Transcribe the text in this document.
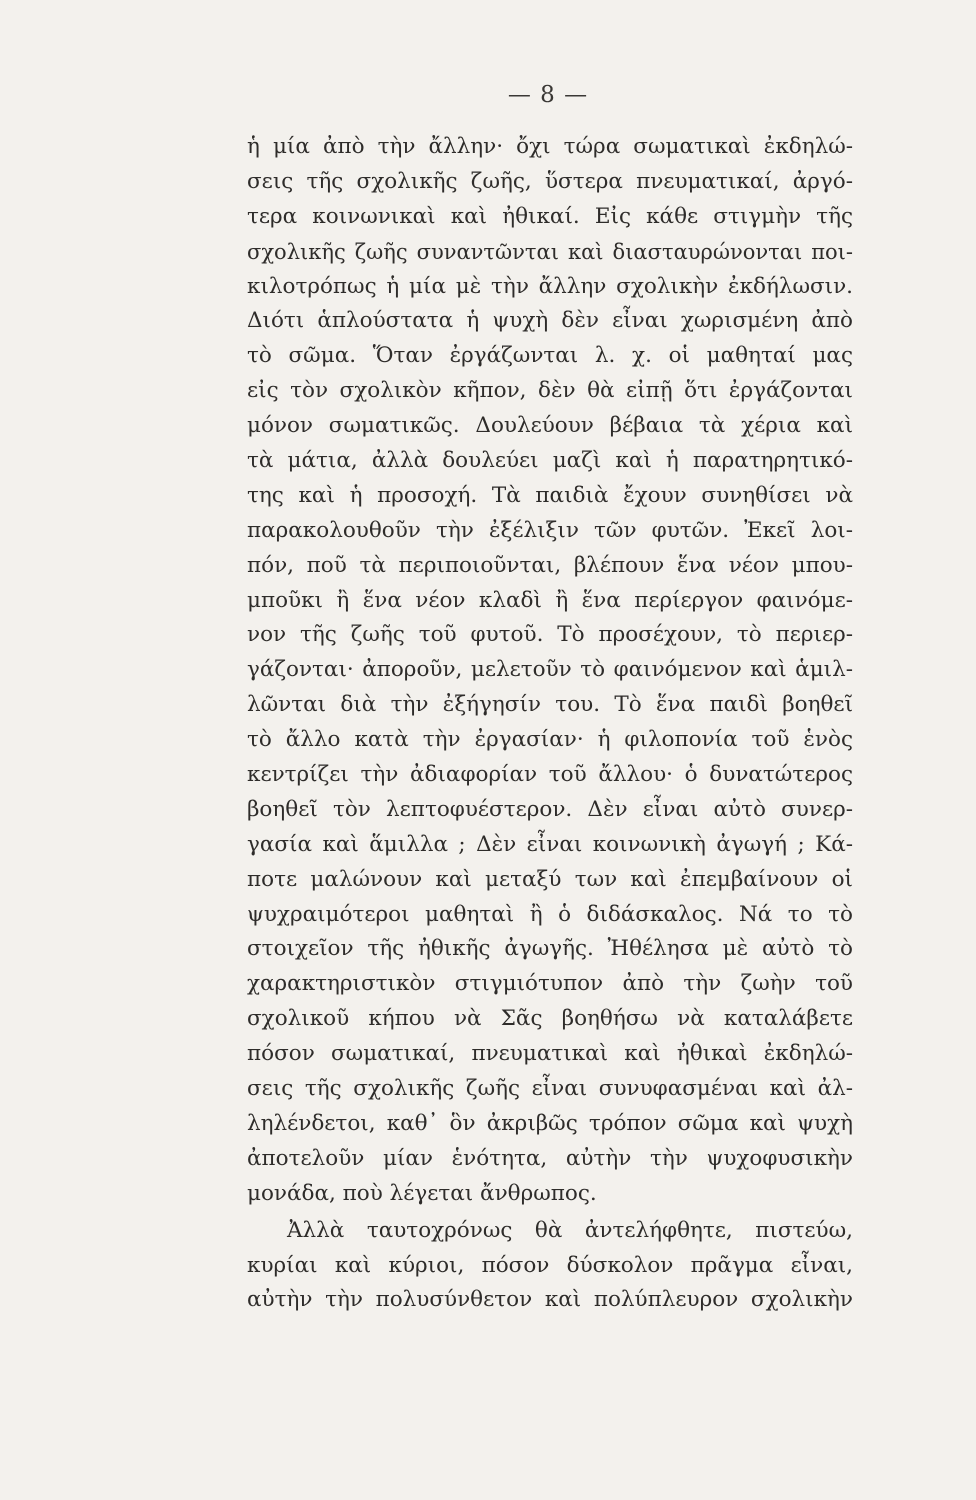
— 8 —
ἡ μία ἀπὸ τὴν ἄλλην· ὄχι τώρα σωματικαὶ ἐκδηλώ-
σεις τῆς σχολικῆς ζωῆς, ὕστερα πνευματικαί, ἀργό-
τερα κοινωνικαὶ καὶ ἠθικαί. Εἰς κάθε στιγμὴν τῆς
σχολικῆς ζωῆς συναντῶνται καὶ διασταυρώνονται ποι-
κιλοτρόπως ἡ μία μὲ τὴν ἄλλην σχολικὴν ἐκδήλωσιν.
Διότι ἁπλούστατα ἡ ψυχὴ δὲν εἶναι χωρισμένη ἀπὸ
τὸ σῶμα. Ὅταν ἐργάζωνται λ. χ. οἱ μαθηταί μας
εἰς τὸν σχολικὸν κῆπον, δὲν θὰ εἰπῇ ὅτι ἐργάζονται
μόνον σωματικῶς. Δουλεύουν βέβαια τὰ χέρια καὶ
τὰ μάτια, ἀλλὰ δουλεύει μαζὶ καὶ ἡ παρατηρητικό-
της καὶ ἡ προσοχή. Τὰ παιδιὰ ἔχουν συνηθίσει νὰ
παρακολουθοῦν τὴν ἐξέλιξιν τῶν φυτῶν. Ἐκεῖ λοι-
πόν, ποῦ τὰ περιποιοῦνται, βλέπουν ἕνα νέον μπου-
μποῦκι ἢ ἕνα νέον κλαδὶ ἢ ἕνα περίεργον φαινόμε-
νον τῆς ζωῆς τοῦ φυτοῦ. Τὸ προσέχουν, τὸ περιερ-
γάζονται· ἀποροῦν, μελετοῦν τὸ φαινόμενον καὶ ἁμιλ-
λῶνται διὰ τὴν ἐξήγησίν του. Τὸ ἕνα παιδὶ βοηθεῖ
τὸ ἄλλο κατὰ τὴν ἐργασίαν· ἡ φιλοπονία τοῦ ἑνὸς
κεντρίζει τὴν ἀδιαφορίαν τοῦ ἄλλου· ὁ δυνατώτερος
βοηθεῖ τὸν λεπτοφυέστερον. Δὲν εἶναι αὐτὸ συνερ-
γασία καὶ ἅμιλλα ; Δὲν εἶναι κοινωνικὴ ἀγωγή ; Κά-
ποτε μαλώνουν καὶ μεταξύ των καὶ ἐπεμβαίνουν οἱ
ψυχραιμότεροι μαθηταὶ ἢ ὁ διδάσκαλος. Νά το τὸ
στοιχεῖον τῆς ἠθικῆς ἀγωγῆς. Ἠθέλησα μὲ αὐτὸ τὸ
χαρακτηριστικὸν στιγμιότυπον ἀπὸ τὴν ζωὴν τοῦ
σχολικοῦ κήπου νὰ Σᾶς βοηθήσω νὰ καταλάβετε
πόσον σωματικαί, πνευματικαὶ καὶ ἠθικαὶ ἐκδηλώ-
σεις τῆς σχολικῆς ζωῆς εἶναι συνυφασμέναι καὶ ἀλ-
ληλένδετοι, καθ᾽ ὃν ἀκριβῶς τρόπον σῶμα καὶ ψυχὴ
ἀποτελοῦν μίαν ἑνότητα, αὐτὴν τὴν ψυχοφυσικὴν
μονάδα, ποὺ λέγεται ἄνθρωπος.
Ἀλλὰ ταυτοχρόνως θὰ ἀντελήφθητε, πιστεύω,
κυρίαι καὶ κύριοι, πόσον δύσκολον πρᾶγμα εἶναι,
αὐτὴν τὴν πολυσύνθετον καὶ πολύπλευρον σχολικὴν
